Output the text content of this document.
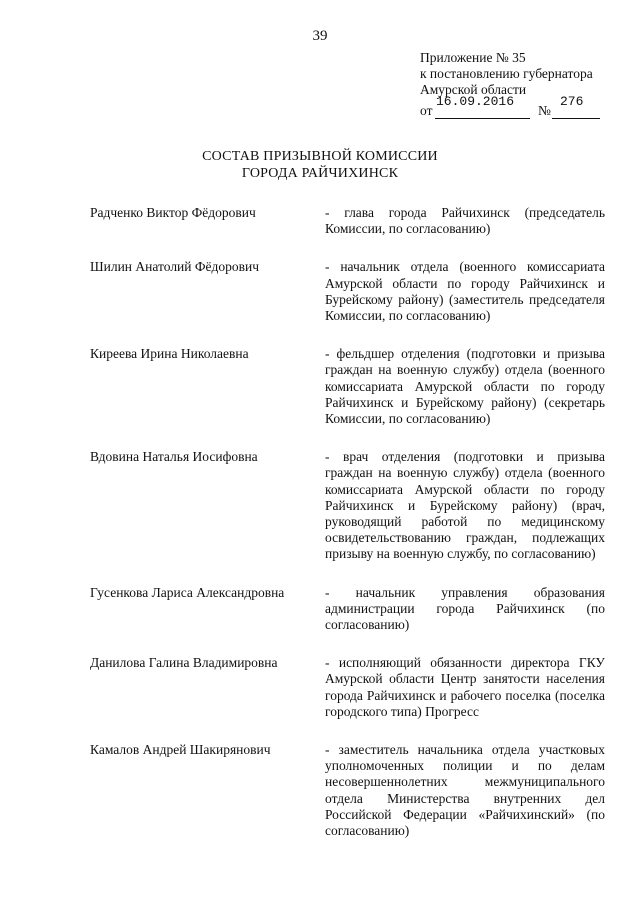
39
Приложение № 35
к постановлению губернатора
Амурской области
от
16.09.2016
№
276
СОСТАВ ПРИЗЫВНОЙ КОМИССИИ
ГОРОДА РАЙЧИХИНСК
Радченко Виктор Фёдорович	- глава города Райчихинск (председатель Комиссии, по согласованию)
Шилин Анатолий Фёдорович	- начальник отдела (военного комиссариата Амурской области по городу Райчихинск и Бурейскому району) (заместитель председателя Комиссии, по согласованию)
Киреева Ирина Николаевна	- фельдшер отделения (подготовки и призыва граждан на военную службу) отдела (военного комиссариата Амурской области по городу Райчихинск и Бурейскому району) (секретарь Комиссии, по согласованию)
Вдовина Наталья Иосифовна	- врач отделения (подготовки и призыва граждан на военную службу) отдела (военного комиссариата Амурской области по городу Райчихинск и Бурейскому району) (врач, руководящий работой по медицинскому освидетельствованию граждан, подлежащих призыву на военную службу, по согласованию)
Гусенкова Лариса Александровна	- начальник управления образования администрации города Райчихинск (по согласованию)
Данилова Галина Владимировна	- исполняющий обязанности директора ГКУ Амурской области Центр занятости населения города Райчихинск и рабочего поселка (поселка городского типа) Прогресс
Камалов Андрей Шакирянович	- заместитель начальника отдела участковых уполномоченных полиции и по делам несовершеннолетних межмуниципального отдела Министерства внутренних дел Российской Федерации «Райчихинский» (по согласованию)
